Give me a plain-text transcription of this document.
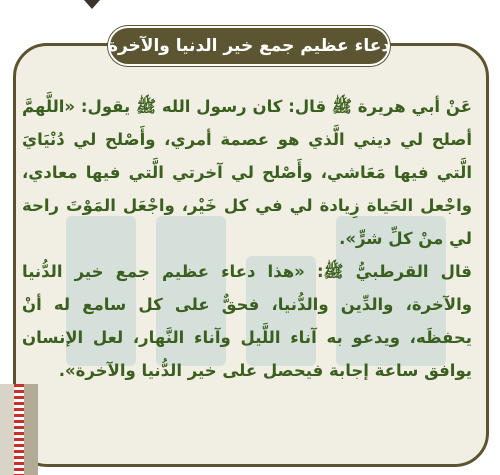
دعاء عظيم جمع خير الدنيا والآخرة

عَنْ أبي هريرة ﷺ قال: كان رسول الله ﷺ يقول: «اللَّهمَّ أصلح لي ديني الَّذي هو عصمة أمري، وأَصْلح لي دُنْيَايَ الَّتي فيها مَعَاشي، وأَصْلح لي آخرتي الَّتي فيها معادي، واجْعل الحَياة زِيادة لي في كل خَيْر، واجْعَل المَوْتَ راحة لي منْ كلِّ شرٍّ».

قال القرطبيُّ ﷺ: «هذا دعاء عظيم جمع خير الدُّنيا والآخرة، والدِّين والدُّنيا، فحقٌّ على كل سامع له أنْ يحفظَه، ويدعو به آناء اللَّيل وآناء النَّهار، لعل الإنسان يوافق ساعة إجابة فيحصل على خير الدُّنيا والآخرة».
